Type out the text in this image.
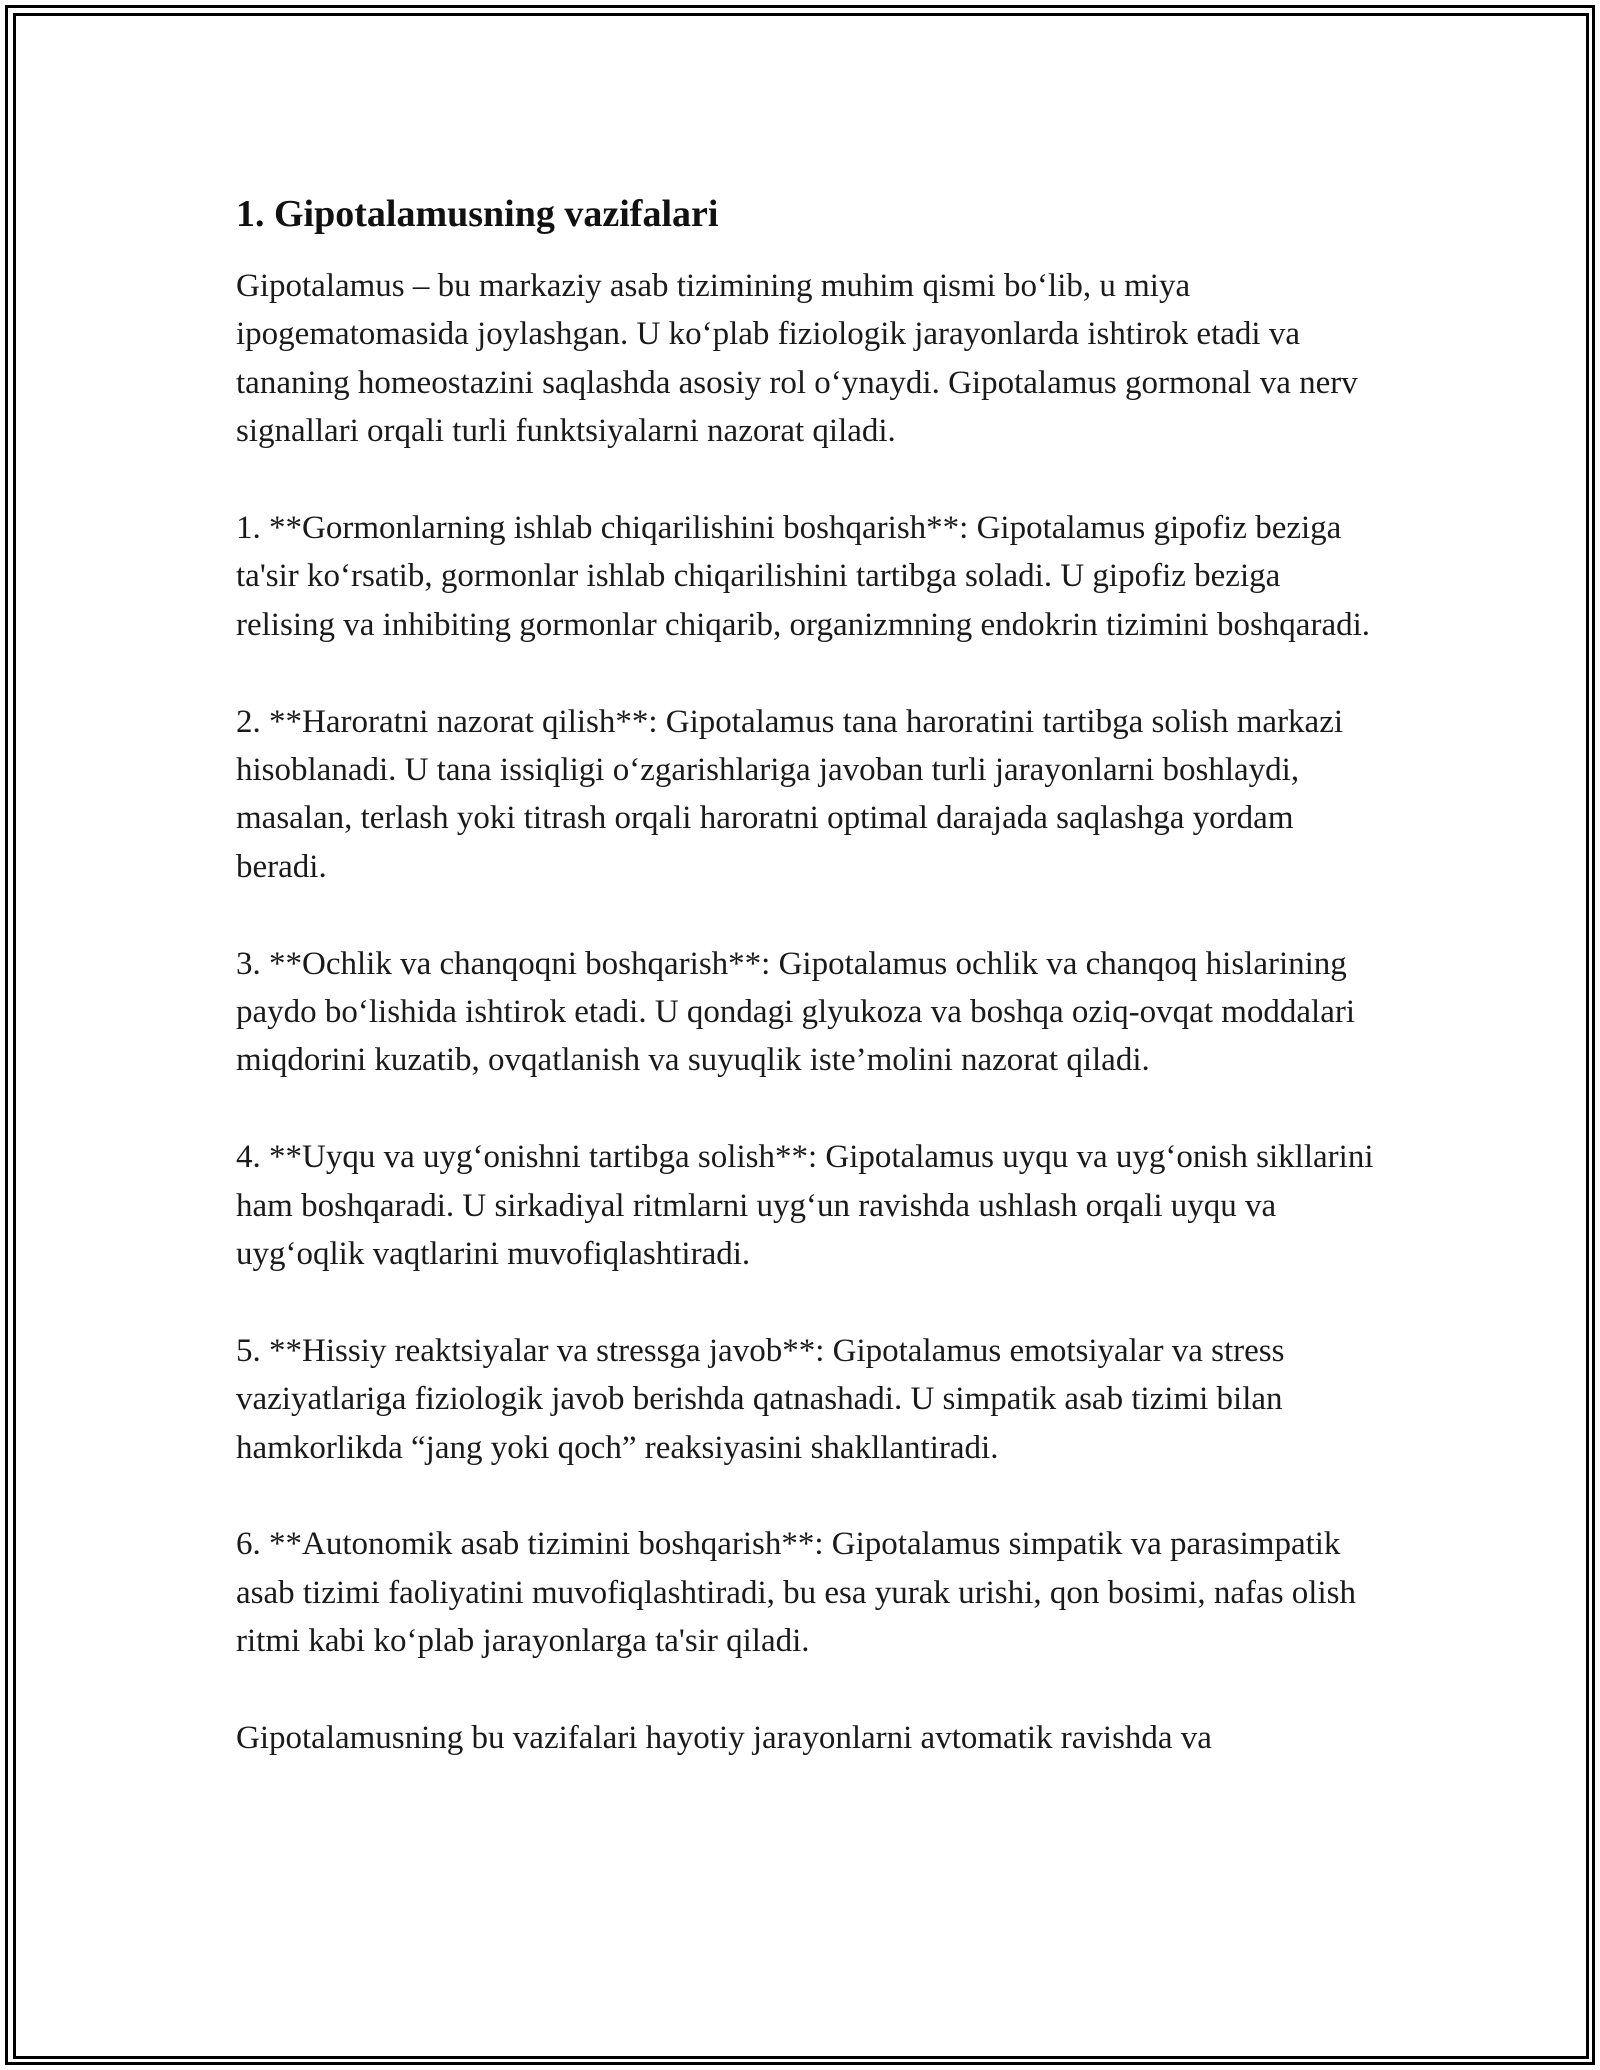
1. Gipotalamusning vazifalari

Gipotalamus – bu markaziy asab tizimining muhim qismi bo‘lib, u miya ipogematomasida joylashgan. U ko‘plab fiziologik jarayonlarda ishtirok etadi va tananing homeostazini saqlashda asosiy rol o‘ynaydi. Gipotalamus gormonal va nerv signallari orqali turli funktsiyalarni nazorat qiladi.

1. **Gormonlarning ishlab chiqarilishini boshqarish**: Gipotalamus gipofiz beziga ta'sir ko‘rsatib, gormonlar ishlab chiqarilishini tartibga soladi. U gipofiz beziga relising va inhibiting gormonlar chiqarib, organizmning endokrin tizimini boshqaradi.

2. **Haroratni nazorat qilish**: Gipotalamus tana haroratini tartibga solish markazi hisoblanadi. U tana issiqligi o‘zgarishlariga javoban turli jarayonlarni boshlaydi, masalan, terlash yoki titrash orqali haroratni optimal darajada saqlashga yordam beradi.

3. **Ochlik va chanqoqni boshqarish**: Gipotalamus ochlik va chanqoq hislarining paydo bo‘lishida ishtirok etadi. U qondagi glyukoza va boshqa oziq-ovqat moddalari miqdorini kuzatib, ovqatlanish va suyuqlik iste’molini nazorat qiladi.

4. **Uyqu va uyg‘onishni tartibga solish**: Gipotalamus uyqu va uyg‘onish sikllarini ham boshqaradi. U sirkadiyal ritmlarni uyg‘un ravishda ushlash orqali uyqu va uyg‘oqlik vaqtlarini muvofiqlashtiradi.

5. **Hissiy reaktsiyalar va stressga javob**: Gipotalamus emotsiyalar va stress vaziyatlariga fiziologik javob berishda qatnashadi. U simpatik asab tizimi bilan hamkorlikda “jang yoki qoch” reaksiyasini shakllantiradi.

6. **Autonomik asab tizimini boshqarish**: Gipotalamus simpatik va parasimpatik asab tizimi faoliyatini muvofiqlashtiradi, bu esa yurak urishi, qon bosimi, nafas olish ritmi kabi ko‘plab jarayonlarga ta'sir qiladi.

Gipotalamusning bu vazifalari hayotiy jarayonlarni avtomatik ravishda va
